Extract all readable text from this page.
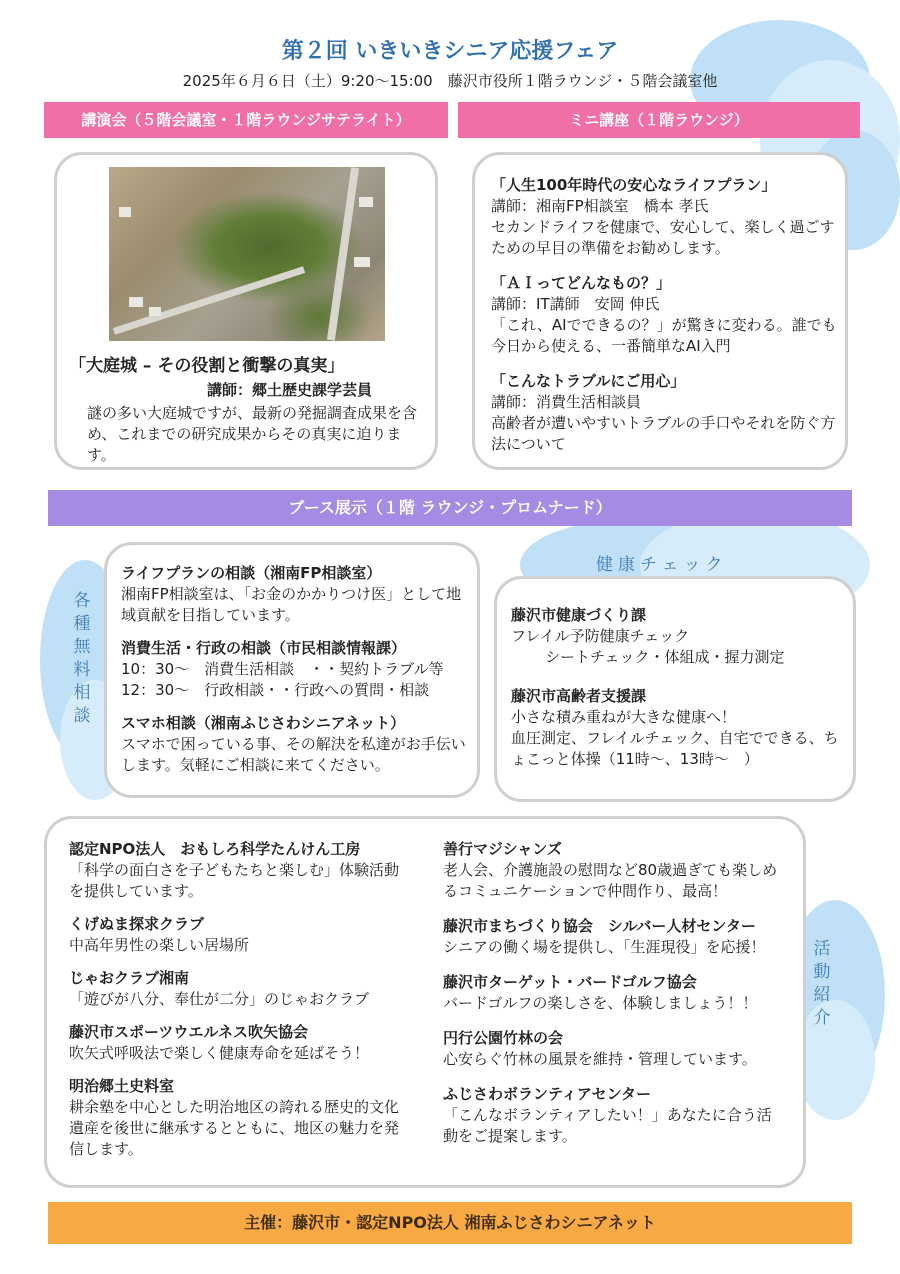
第２回 いきいきシニア応援フェア
2025年６月６日（土）9:20～15:00　藤沢市役所１階ラウンジ・５階会議室他
講演会（５階会議室・１階ラウンジサテライト）	ミニ講座（１階ラウンジ）
「大庭城 – その役割と衝撃の真実」
講師：郷土歴史課学芸員
謎の多い大庭城ですが、最新の発掘調査成果を含め、これまでの研究成果からその真実に迫ります。
「人生100年時代の安心なライフプラン」
講師：湘南FP相談室　橋本 孝氏
セカンドライフを健康で、安心して、楽しく過ごすための早目の準備をお勧めします。
「ＡＩってどんなもの？」
講師：IT講師　安岡 伸氏
「これ、AIでできるの？」が驚きに変わる。誰でも今日から使える、一番簡単なAI入門
「こんなトラブルにご用心」
講師：消費生活相談員
高齢者が遭いやすいトラブルの手口やそれを防ぐ方法について
ブース展示（１階 ラウンジ・プロムナード）
各種無料相談
ライフプランの相談（湘南FP相談室）
湘南FP相談室は、「お金のかかりつけ医」として地域貢献を目指しています。
消費生活・行政の相談（市民相談情報課）
10：30～　消費生活相談　・・契約トラブル等
12：30～　行政相談・・行政への質問・相談
スマホ相談（湘南ふじさわシニアネット）
スマホで困っている事、その解決を私達がお手伝いします。気軽にご相談に来てください。
健康チェック
藤沢市健康づくり課
フレイル予防健康チェック
シートチェック・体組成・握力測定
藤沢市高齢者支援課
小さな積み重ねが大きな健康へ！
血圧測定、フレイルチェック、自宅でできる、ちょこっと体操（11時～、13時～　）
認定NPO法人　おもしろ科学たんけん工房
「科学の面白さを子どもたちと楽しむ」体験活動を提供しています。
くげぬま探求クラブ
中高年男性の楽しい居場所
じゃおクラブ湘南
「遊びが八分、奉仕が二分」のじゃおクラブ
藤沢市スポーツウエルネス吹矢協会
吹矢式呼吸法で楽しく健康寿命を延ばそう！
明治郷土史料室
耕余塾を中心とした明治地区の誇れる歴史的文化遺産を後世に継承するとともに、地区の魅力を発信します。
善行マジシャンズ
老人会、介護施設の慰問など80歳過ぎても楽しめるコミュニケーションで仲間作り、最高！
藤沢市まちづくり協会　シルバー人材センター
シニアの働く場を提供し、「生涯現役」を応援！
藤沢市ターゲット・バードゴルフ協会
バードゴルフの楽しさを、体験しましょう！！
円行公園竹林の会
心安らぐ竹林の風景を維持・管理しています。
ふじさわボランティアセンター
「こんなボランティアしたい！」あなたに合う活動をご提案します。
活動紹介
主催：藤沢市・認定NPO法人 湘南ふじさわシニアネット
